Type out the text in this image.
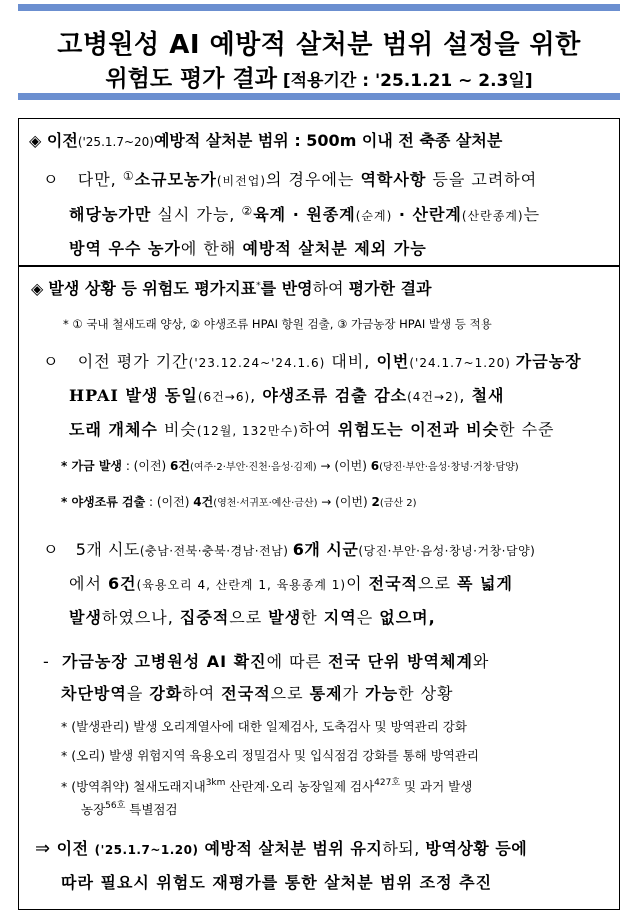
고병원성 AI 예방적 살처분 범위 설정을 위한
위험도 평가 결과 [적용기간 : '25.1.21 ~ 2.3일]
◈ 이전('25.1.7~20)예방적 살처분 범위 : 500m 이내 전 축종 살처분
ㅇ 다만, ①소규모농가(비전업)의 경우에는 역학사항 등을 고려하여
해당농가만 실시 가능, ②육계 · 원종계(순계) · 산란계(산란종계)는
방역 우수 농가에 한해 예방적 살처분 제외 가능
◈ 발생 상황 등 위험도 평가지표*를 반영하여 평가한 결과
* ① 국내 철새도래 양상, ② 야생조류 HPAI 항원 검출, ③ 가금농장 HPAI 발생 등 적용
ㅇ 이전 평가 기간('23.12.24~'24.1.6) 대비, 이번('24.1.7~1.20) 가금농장
HPAI 발생 동일(6건→6), 야생조류 검출 감소(4건→2), 철새
도래 개체수 비슷(12월, 132만수)하여 위험도는 이전과 비슷한 수준
* 가금 발생 : (이전) 6건(여주·2·부안·진천·음성·김제) → (이번) 6(당진·부안·음성·창녕·거창·담양)
* 야생조류 검출 : (이전) 4건(영천·서귀포·예산·금산) → (이번) 2(금산 2)
ㅇ 5개 시도(충남·전북·충북·경남·전남) 6개 시군(당진·부안·음성·창녕·거창·담양)
에서 6건(육용오리 4, 산란계 1, 육용종계 1)이 전국적으로 폭 넓게
발생하였으나, 집중적으로 발생한 지역은 없으며,
- 가금농장 고병원성 AI 확진에 따른 전국 단위 방역체계와
차단방역을 강화하여 전국적으로 통제가 가능한 상황
* (발생관리) 발생 오리계열사에 대한 일제검사, 도축검사 및 방역관리 강화
* (오리) 발생 위험지역 육용오리 정밀검사 및 입식점검 강화를 통해 방역관리
* (방역취약) 철새도래지내$^{3km}$ 산란계·오리 농장일제 검사$^{427호}$ 및 과거 발생
농장$^{56호}$ 특별점검
⇒ 이전 ('25.1.7~1.20) 예방적 살처분 범위 유지하되, 방역상황 등에
따라 필요시 위험도 재평가를 통한 살처분 범위 조정 추진
